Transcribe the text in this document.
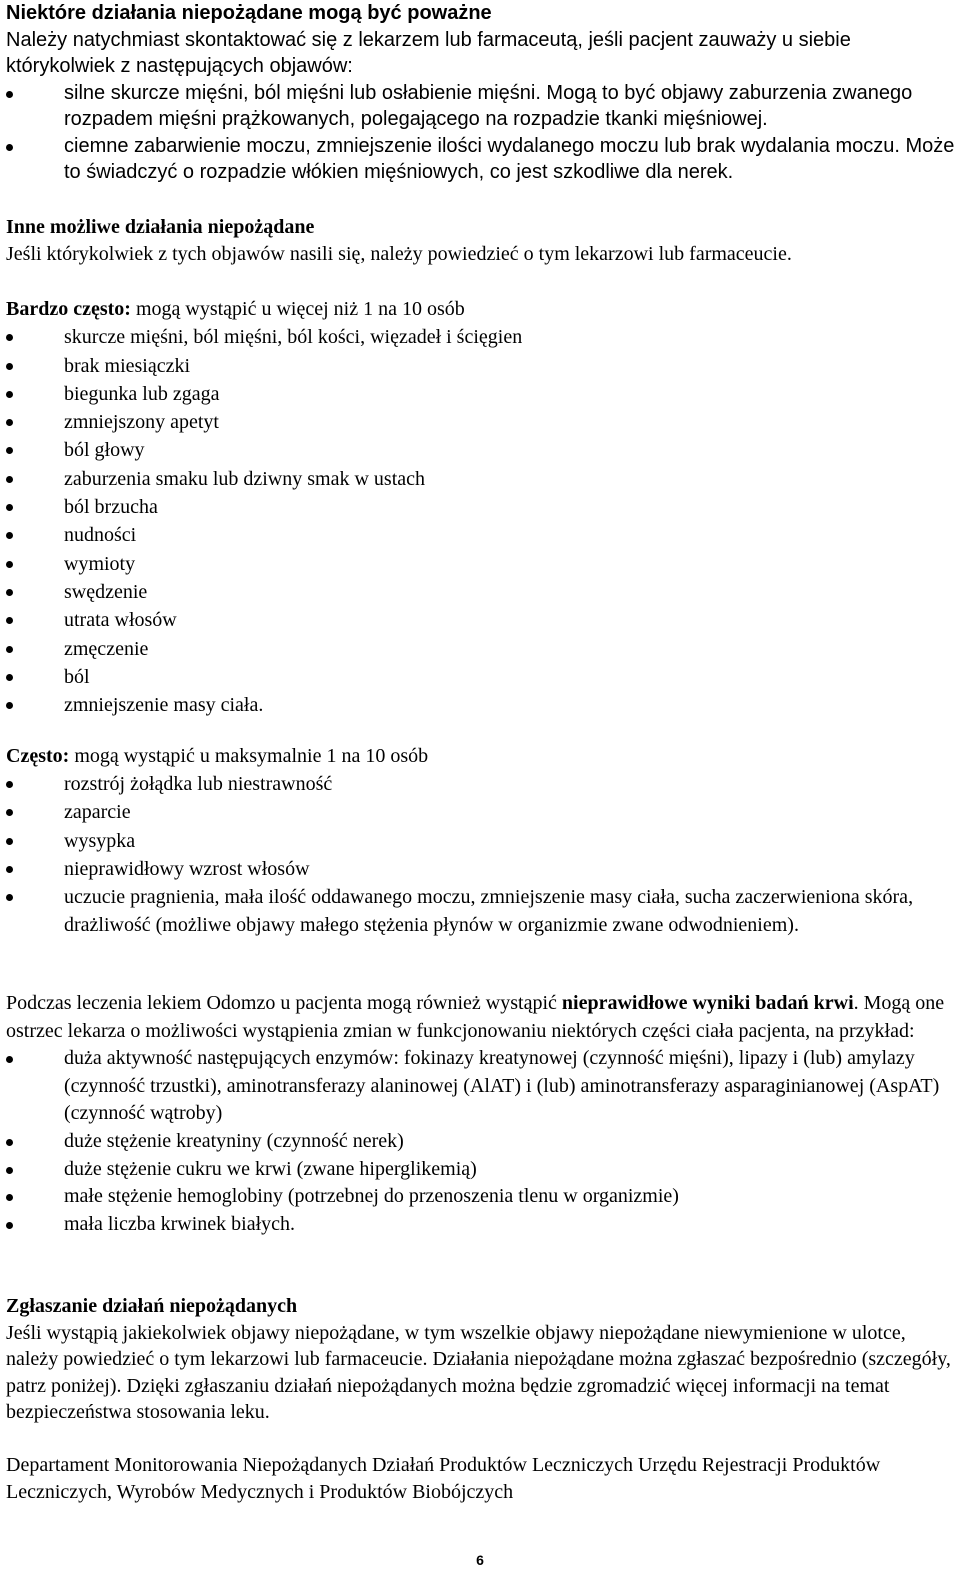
Niektóre działania niepożądane mogą być poważne
Należy natychmiast skontaktować się z lekarzem lub farmaceutą, jeśli pacjent zauważy u siebie którykolwiek z następujących objawów:
silne skurcze mięśni, ból mięśni lub osłabienie mięśni. Mogą to być objawy zaburzenia zwanego rozpadem mięśni prążkowanych, polegającego na rozpadzie tkanki mięśniowej.
ciemne zabarwienie moczu, zmniejszenie ilości wydalanego moczu lub brak wydalania moczu. Może to świadczyć o rozpadzie włókien mięśniowych, co jest szkodliwe dla nerek.
Inne możliwe działania niepożądane
Jeśli którykolwiek z tych objawów nasili się, należy powiedzieć o tym lekarzowi lub farmaceucie.
Bardzo często: mogą wystąpić u więcej niż 1 na 10 osób
skurcze mięśni, ból mięśni, ból kości, więzadeł i ścięgien
brak miesiączki
biegunka lub zgaga
zmniejszony apetyt
ból głowy
zaburzenia smaku lub dziwny smak w ustach
ból brzucha
nudności
wymioty
swędzenie
utrata włosów
zmęczenie
ból
zmniejszenie masy ciała.
Często: mogą wystąpić u maksymalnie 1 na 10 osób
rozstrój żołądka lub niestrawność
zaparcie
wysypka
nieprawidłowy wzrost włosów
uczucie pragnienia, mała ilość oddawanego moczu, zmniejszenie masy ciała, sucha zaczerwieniona skóra, drażliwość (możliwe objawy małego stężenia płynów w organizmie zwane odwodnieniem).
Podczas leczenia lekiem Odomzo u pacjenta mogą również wystąpić nieprawidłowe wyniki badań krwi. Mogą one ostrzec lekarza o możliwości wystąpienia zmian w funkcjonowaniu niektórych części ciała pacjenta, na przykład:
duża aktywność następujących enzymów: fokinazy kreatynowej (czynność mięśni), lipazy i (lub) amylazy (czynność trzustki), aminotransferazy alaninowej (AlAT) i (lub) aminotransferazy asparaginianowej (AspAT) (czynność wątroby)
duże stężenie kreatyniny (czynność nerek)
duże stężenie cukru we krwi (zwane hiperglikemią)
małe stężenie hemoglobiny (potrzebnej do przenoszenia tlenu w organizmie)
mała liczba krwinek białych.
Zgłaszanie działań niepożądanych
Jeśli wystąpią jakiekolwiek objawy niepożądane, w tym wszelkie objawy niepożądane niewymienione w ulotce, należy powiedzieć o tym lekarzowi lub farmaceucie. Działania niepożądane można zgłaszać bezpośrednio (szczegóły, patrz poniżej). Dzięki zgłaszaniu działań niepożądanych można będzie zgromadzić więcej informacji na temat bezpieczeństwa stosowania leku.
Departament Monitorowania Niepożądanych Działań Produktów Leczniczych Urzędu Rejestracji Produktów Leczniczych, Wyrobów Medycznych i Produktów Biobójczych
6
